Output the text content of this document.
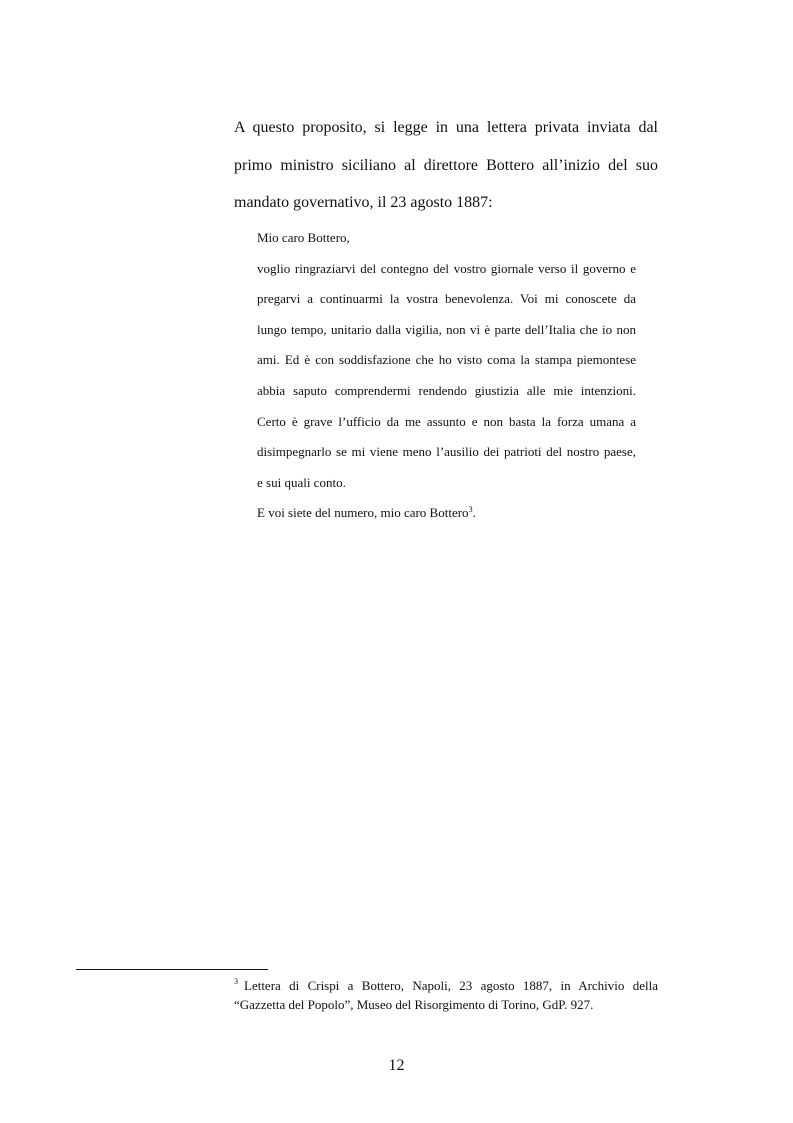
A questo proposito, si legge in una lettera privata inviata dal
primo ministro siciliano al direttore Bottero all’inizio del suo
mandato governativo, il 23 agosto 1887:
Mio caro Bottero,
voglio ringraziarvi del contegno del vostro giornale verso il governo e
pregarvi a continuarmi la vostra benevolenza. Voi mi conoscete da
lungo tempo, unitario dalla vigilia, non vi è parte dell’Italia che io non
ami. Ed è con soddisfazione che ho visto coma la stampa piemontese
abbia saputo comprendermi rendendo giustizia alle mie intenzioni.
Certo è grave l’ufficio da me assunto e non basta la forza umana a
disimpegnarlo se mi viene meno l’ausilio dei patrioti del nostro paese,
e sui quali conto.
E voi siete del numero, mio caro Bottero$^3$.
$^3$ Lettera di Crispi a Bottero, Napoli, 23 agosto 1887, in Archivio della
“Gazzetta del Popolo”, Museo del Risorgimento di Torino, GdP. 927.
12
